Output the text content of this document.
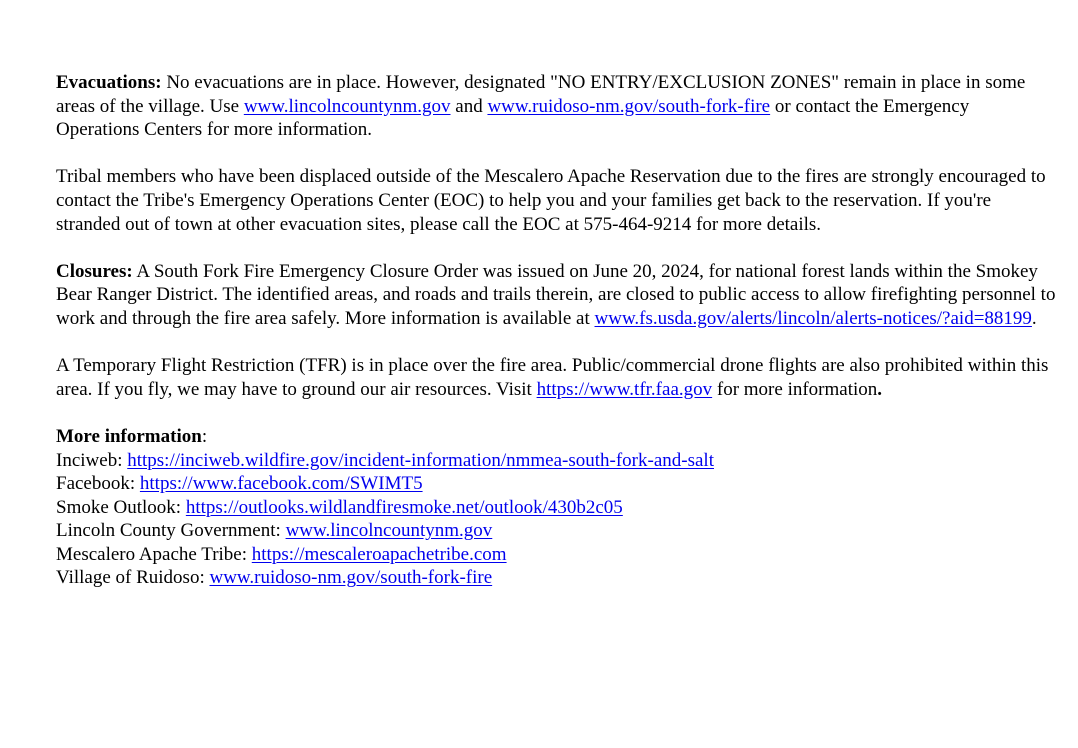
Evacuations: No evacuations are in place. However, designated "NO ENTRY/EXCLUSION ZONES" remain in place in some areas of the village. Use www.lincolncountynm.gov and www.ruidoso-nm.gov/south-fork-fire or contact the Emergency Operations Centers for more information.

Tribal members who have been displaced outside of the Mescalero Apache Reservation due to the fires are strongly encouraged to contact the Tribe's Emergency Operations Center (EOC) to help you and your families get back to the reservation. If you're stranded out of town at other evacuation sites, please call the EOC at 575-464-9214 for more details.

Closures: A South Fork Fire Emergency Closure Order was issued on June 20, 2024, for national forest lands within the Smokey Bear Ranger District. The identified areas, and roads and trails therein, are closed to public access to allow firefighting personnel to work and through the fire area safely. More information is available at www.fs.usda.gov/alerts/lincoln/alerts-notices/?aid=88199.

A Temporary Flight Restriction (TFR) is in place over the fire area. Public/commercial drone flights are also prohibited within this area. If you fly, we may have to ground our air resources. Visit https://www.tfr.faa.gov for more information.

More information:
Inciweb: https://inciweb.wildfire.gov/incident-information/nmmea-south-fork-and-salt
Facebook: https://www.facebook.com/SWIMT5
Smoke Outlook: https://outlooks.wildlandfiresmoke.net/outlook/430b2c05
Lincoln County Government: www.lincolncountynm.gov
Mescalero Apache Tribe: https://mescaleroapachetribe.com
Village of Ruidoso: www.ruidoso-nm.gov/south-fork-fire
